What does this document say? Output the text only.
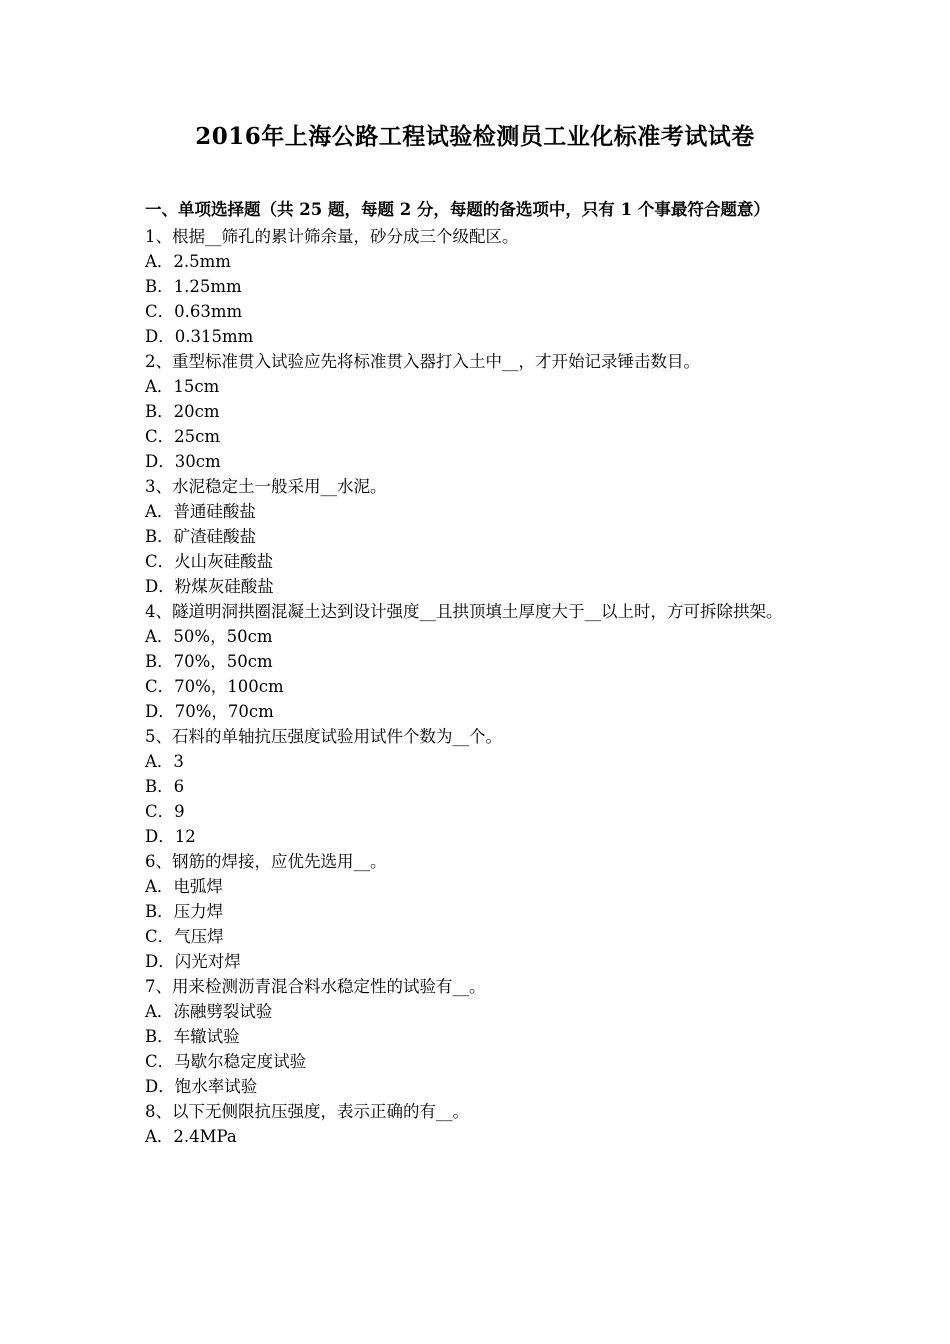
2016年上海公路工程试验检测员工业化标准考试试卷
一、单项选择题（共 25 题，每题 2 分，每题的备选项中，只有 1 个事最符合题意）
1、根据__筛孔的累计筛余量，砂分成三个级配区。
A．2.5mm
B．1.25mm
C．0.63mm
D．0.315mm
2、重型标准贯入试验应先将标准贯入器打入土中__，才开始记录锤击数目。
A．15cm
B．20cm
C．25cm
D．30cm
3、水泥稳定土一般采用__水泥。
A．普通硅酸盐
B．矿渣硅酸盐
C．火山灰硅酸盐
D．粉煤灰硅酸盐
4、隧道明洞拱圈混凝土达到设计强度__且拱顶填土厚度大于__以上时，方可拆除拱架。
A．50%，50cm
B．70%，50cm
C．70%，100cm
D．70%，70cm
5、石料的单轴抗压强度试验用试件个数为__个。
A．3
B．6
C．9
D．12
6、钢筋的焊接，应优先选用__。
A．电弧焊
B．压力焊
C．气压焊
D．闪光对焊
7、用来检测沥青混合料水稳定性的试验有__。
A．冻融劈裂试验
B．车辙试验
C．马歇尔稳定度试验
D．饱水率试验
8、以下无侧限抗压强度，表示正确的有__。
A．2.4MPa
